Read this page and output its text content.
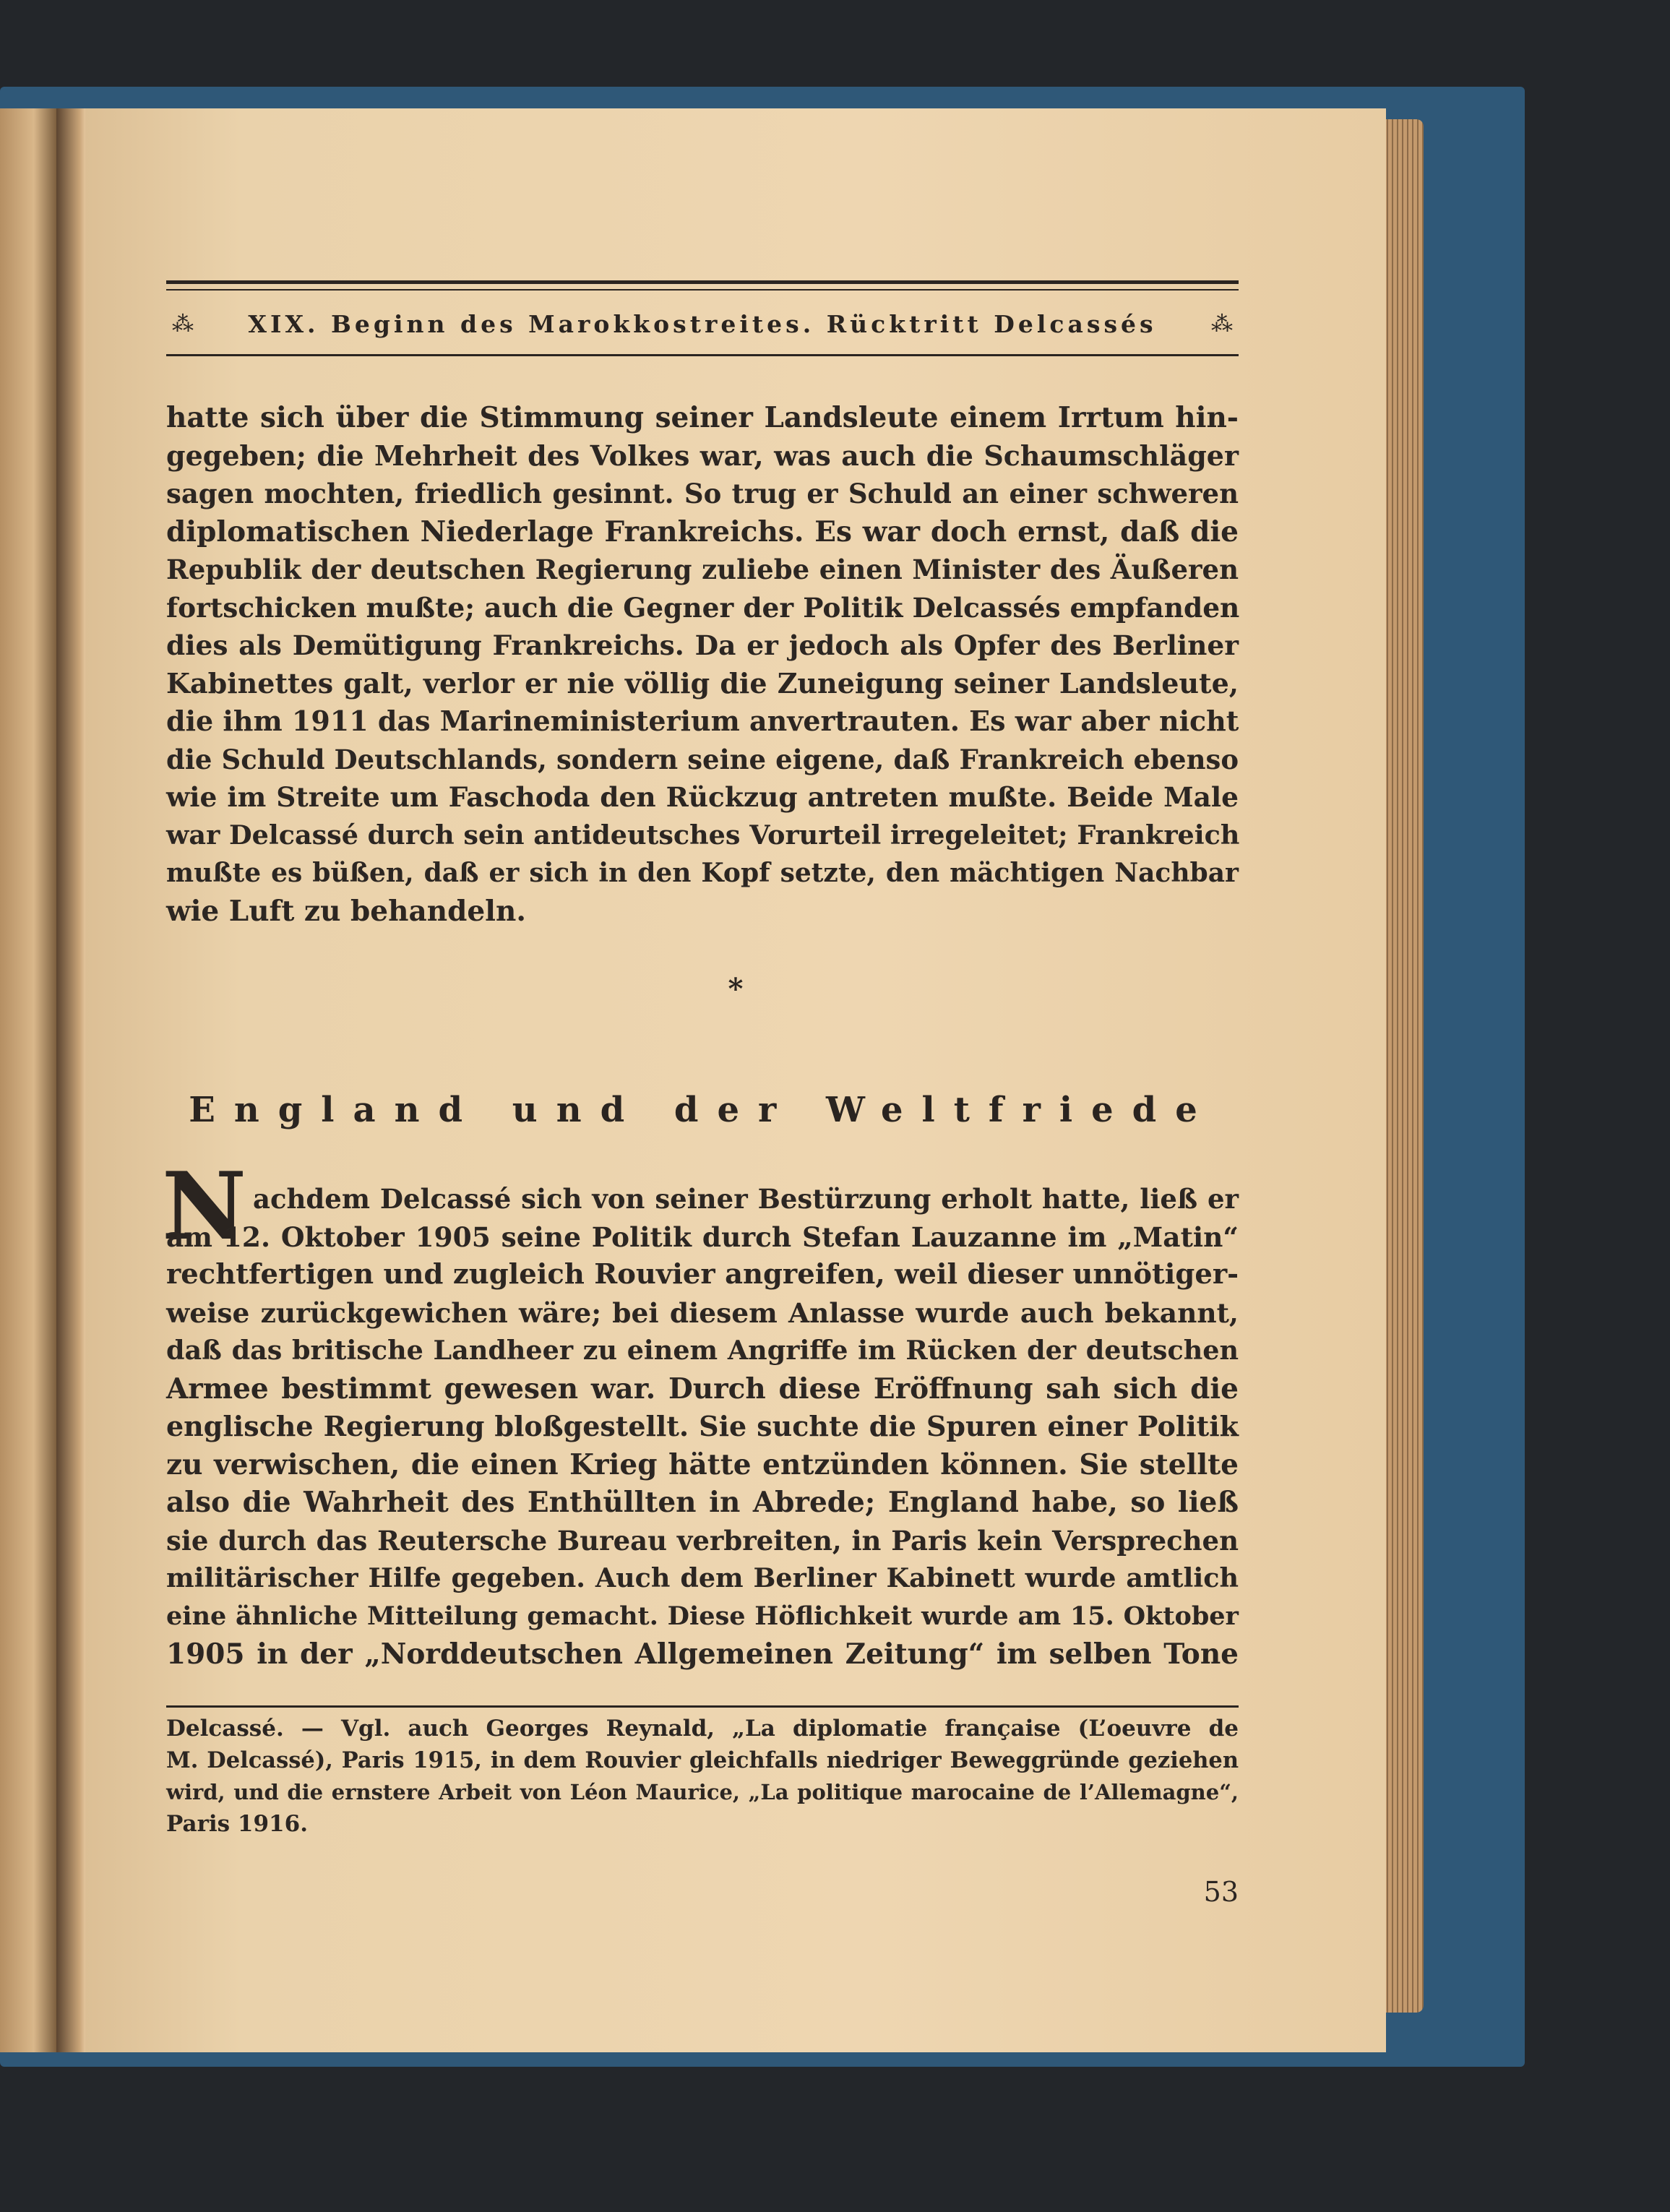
⁂	XIX. Beginn des Marokkostreites. Rücktritt Delcassés	⁂
hatte sich über die Stimmung seiner Landsleute einem Irrtum hin-
gegeben; die Mehrheit des Volkes war, was auch die Schaumschläger
sagen mochten, friedlich gesinnt. So trug er Schuld an einer schweren
diplomatischen Niederlage Frankreichs. Es war doch ernst, daß die
Republik der deutschen Regierung zuliebe einen Minister des Äußeren
fortschicken mußte; auch die Gegner der Politik Delcassés empfanden
dies als Demütigung Frankreichs. Da er jedoch als Opfer des Berliner
Kabinettes galt, verlor er nie völlig die Zuneigung seiner Landsleute,
die ihm 1911 das Marineministerium anvertrauten. Es war aber nicht
die Schuld Deutschlands, sondern seine eigene, daß Frankreich ebenso
wie im Streite um Faschoda den Rückzug antreten mußte. Beide Male
war Delcassé durch sein antideutsches Vorurteil irregeleitet; Frankreich
mußte es büßen, daß er sich in den Kopf setzte, den mächtigen Nachbar
wie Luft zu behandeln.
*
England und der Weltfriede
N achdem Delcassé sich von seiner Bestürzung erholt hatte, ließ er
am 12. Oktober 1905 seine Politik durch Stefan Lauzanne im „Matin“
rechtfertigen und zugleich Rouvier angreifen, weil dieser unnötiger-
weise zurückgewichen wäre; bei diesem Anlasse wurde auch bekannt,
daß das britische Landheer zu einem Angriffe im Rücken der deutschen
Armee bestimmt gewesen war. Durch diese Eröffnung sah sich die
englische Regierung bloßgestellt. Sie suchte die Spuren einer Politik
zu verwischen, die einen Krieg hätte entzünden können. Sie stellte
also die Wahrheit des Enthüllten in Abrede; England habe, so ließ
sie durch das Reutersche Bureau verbreiten, in Paris kein Versprechen
militärischer Hilfe gegeben. Auch dem Berliner Kabinett wurde amtlich
eine ähnliche Mitteilung gemacht. Diese Höflichkeit wurde am 15. Oktober
1905 in der „Norddeutschen Allgemeinen Zeitung“ im selben Tone
Delcassé. — Vgl. auch Georges Reynald, „La diplomatie française (L’oeuvre de
M. Delcassé), Paris 1915, in dem Rouvier gleichfalls niedriger Beweggründe geziehen
wird, und die ernstere Arbeit von Léon Maurice, „La politique marocaine de l’Allemagne“,
Paris 1916.
53
